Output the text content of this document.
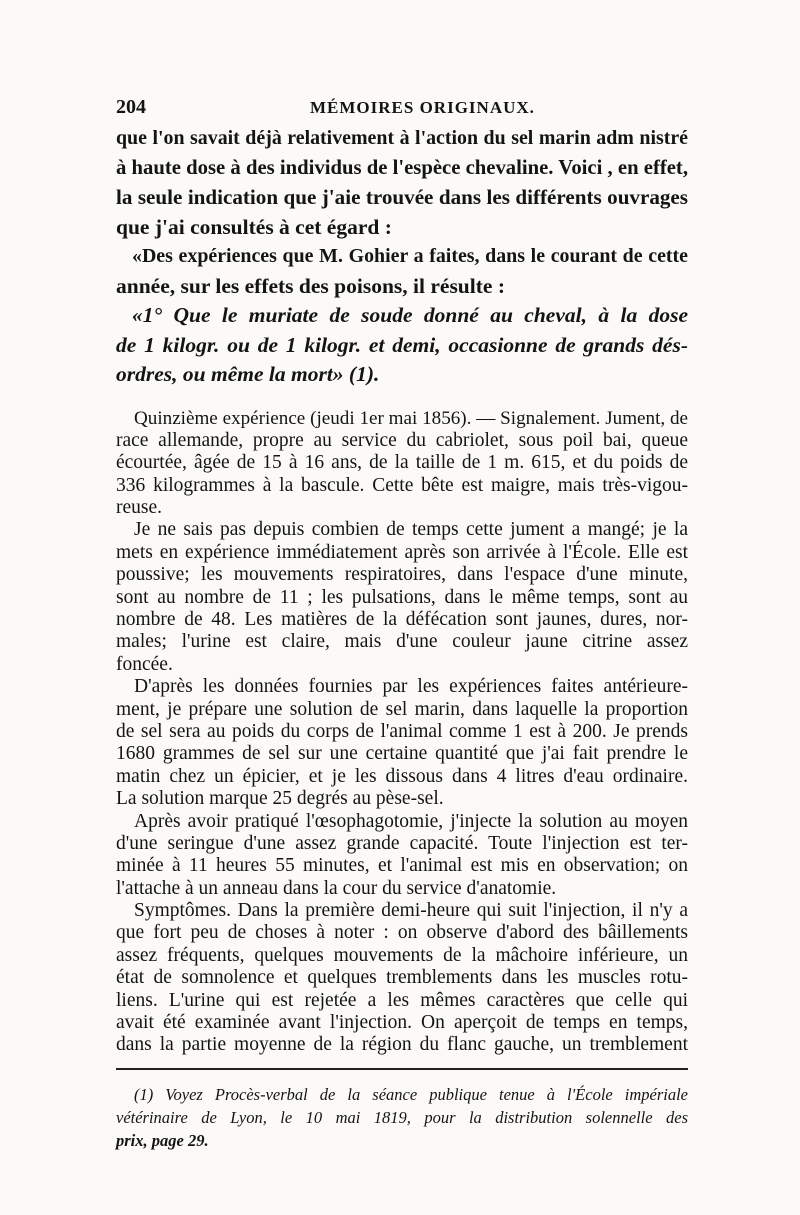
204	MÉMOIRES ORIGINAUX.
que l'on savait déjà relativement à l'action du sel marin adm nistré
à haute dose à des individus de l'espèce chevaline. Voici , en effet,
la seule indication que j'aie trouvée dans les différents ouvrages
que j'ai consultés à cet égard :
«Des expériences que M. Gohier a faites, dans le courant de cette
année, sur les effets des poisons, il résulte :
«1° Que le muriate de soude donné au cheval, à la dose
de 1 kilogr. ou de 1 kilogr. et demi, occasionne de grands dés-
ordres, ou même la mort» (1).
Quinzième expérience (jeudi 1er mai 1856). — Signalement. Jument, de
race allemande, propre au service du cabriolet, sous poil bai, queue
écourtée, âgée de 15 à 16 ans, de la taille de 1 m. 615, et du poids de
336 kilogrammes à la bascule. Cette bête est maigre, mais très-vigou-
reuse.
Je ne sais pas depuis combien de temps cette jument a mangé; je la
mets en expérience immédiatement après son arrivée à l'École. Elle est
poussive; les mouvements respiratoires, dans l'espace d'une minute,
sont au nombre de 11 ; les pulsations, dans le même temps, sont au
nombre de 48. Les matières de la défécation sont jaunes, dures, nor-
males; l'urine est claire, mais d'une couleur jaune citrine assez
foncée.
D'après les données fournies par les expériences faites antérieure-
ment, je prépare une solution de sel marin, dans laquelle la proportion
de sel sera au poids du corps de l'animal comme 1 est à 200. Je prends
1680 grammes de sel sur une certaine quantité que j'ai fait prendre le
matin chez un épicier, et je les dissous dans 4 litres d'eau ordinaire.
La solution marque 25 degrés au pèse-sel.
Après avoir pratiqué l'œsophagotomie, j'injecte la solution au moyen
d'une seringue d'une assez grande capacité. Toute l'injection est ter-
minée à 11 heures 55 minutes, et l'animal est mis en observation; on
l'attache à un anneau dans la cour du service d'anatomie.
Symptômes. Dans la première demi-heure qui suit l'injection, il n'y a
que fort peu de choses à noter : on observe d'abord des bâillements
assez fréquents, quelques mouvements de la mâchoire inférieure, un
état de somnolence et quelques tremblements dans les muscles rotu-
liens. L'urine qui est rejetée a les mêmes caractères que celle qui
avait été examinée avant l'injection. On aperçoit de temps en temps,
dans la partie moyenne de la région du flanc gauche, un tremblement
(1) Voyez Procès-verbal de la séance publique tenue à l'École impériale
vétérinaire de Lyon, le 10 mai 1819, pour la distribution solennelle des
prix, page 29.
